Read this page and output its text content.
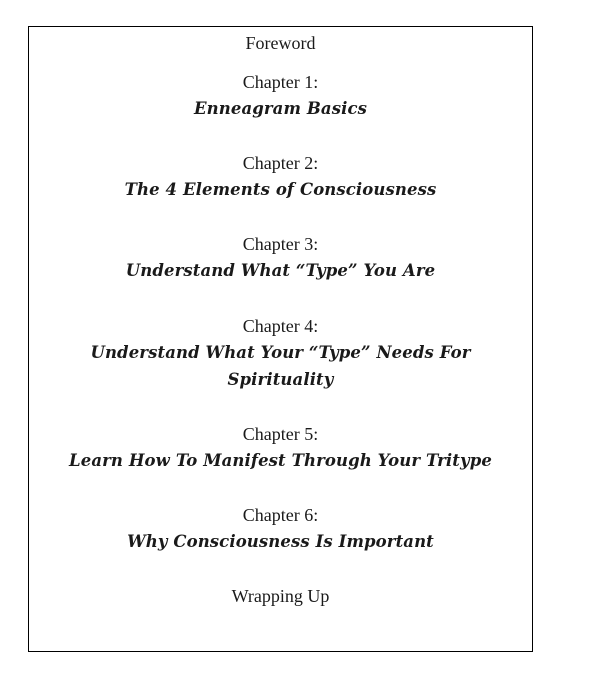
Foreword
Chapter 1:
Enneagram Basics
Chapter 2:
The 4 Elements of Consciousness
Chapter 3:
Understand What “Type” You Are
Chapter 4:
Understand What Your “Type” Needs For
Spirituality
Chapter 5:
Learn How To Manifest Through Your Tritype
Chapter 6:
Why Consciousness Is Important
Wrapping Up
